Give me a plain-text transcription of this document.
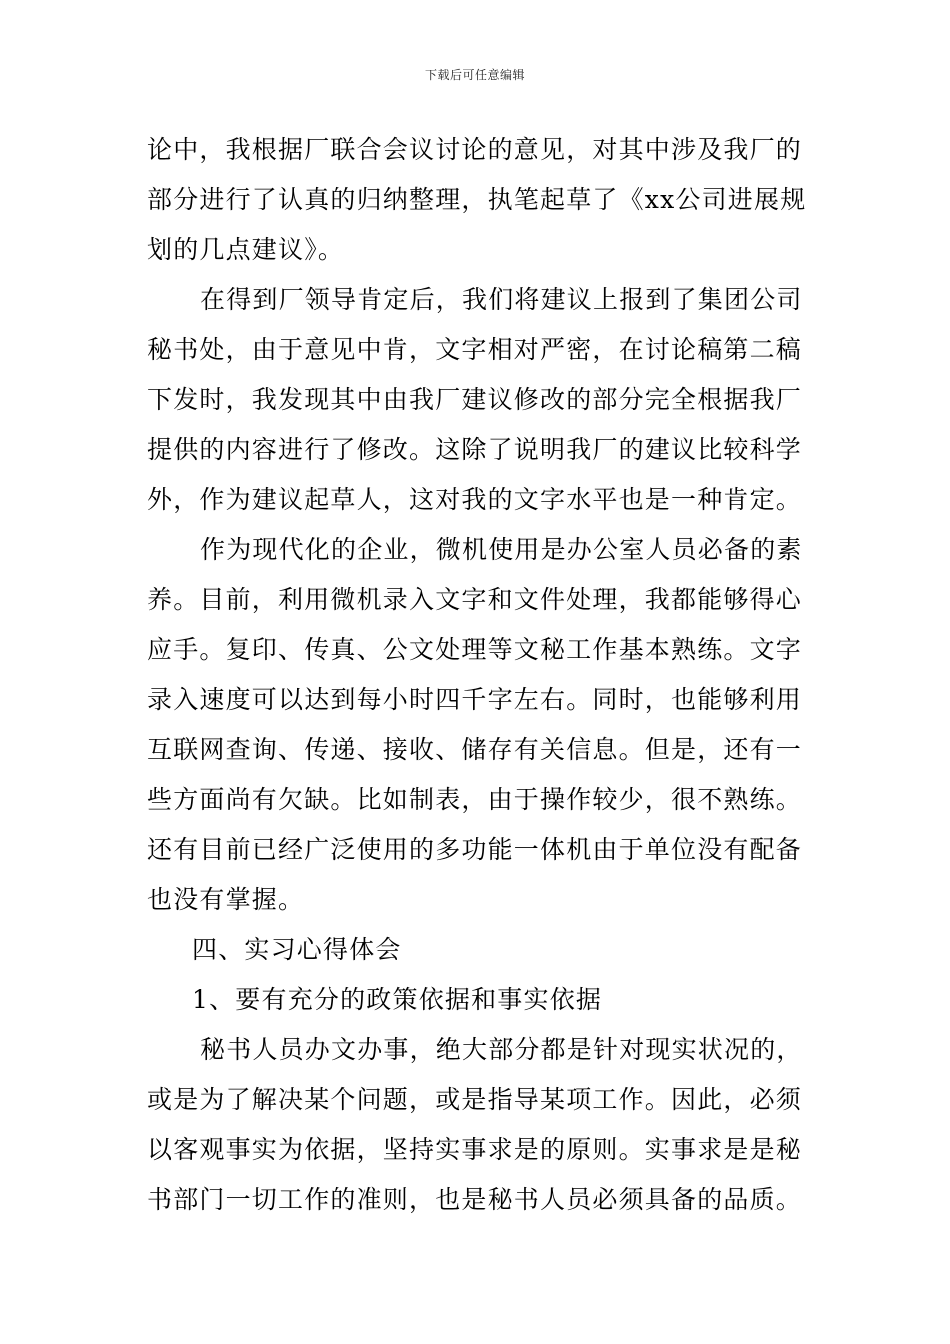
下载后可任意编辑
论中，我根据厂联合会议讨论的意见，对其中涉及我厂的
部分进行了认真的归纳整理，执笔起草了《xx公司进展规
划的几点建议》。
在得到厂领导肯定后，我们将建议上报到了集团公司
秘书处，由于意见中肯，文字相对严密，在讨论稿第二稿
下发时，我发现其中由我厂建议修改的部分完全根据我厂
提供的内容进行了修改。这除了说明我厂的建议比较科学
外，作为建议起草人，这对我的文字水平也是一种肯定。
作为现代化的企业，微机使用是办公室人员必备的素
养。目前，利用微机录入文字和文件处理，我都能够得心
应手。复印、传真、公文处理等文秘工作基本熟练。文字
录入速度可以达到每小时四千字左右。同时，也能够利用
互联网查询、传递、接收、储存有关信息。但是，还有一
些方面尚有欠缺。比如制表，由于操作较少，很不熟练。
还有目前已经广泛使用的多功能一体机由于单位没有配备
也没有掌握。
四、实习心得体会
1、要有充分的政策依据和事实依据
秘书人员办文办事，绝大部分都是针对现实状况的，
或是为了解决某个问题，或是指导某项工作。因此，必须
以客观事实为依据，坚持实事求是的原则。实事求是是秘
书部门一切工作的准则，也是秘书人员必须具备的品质。
